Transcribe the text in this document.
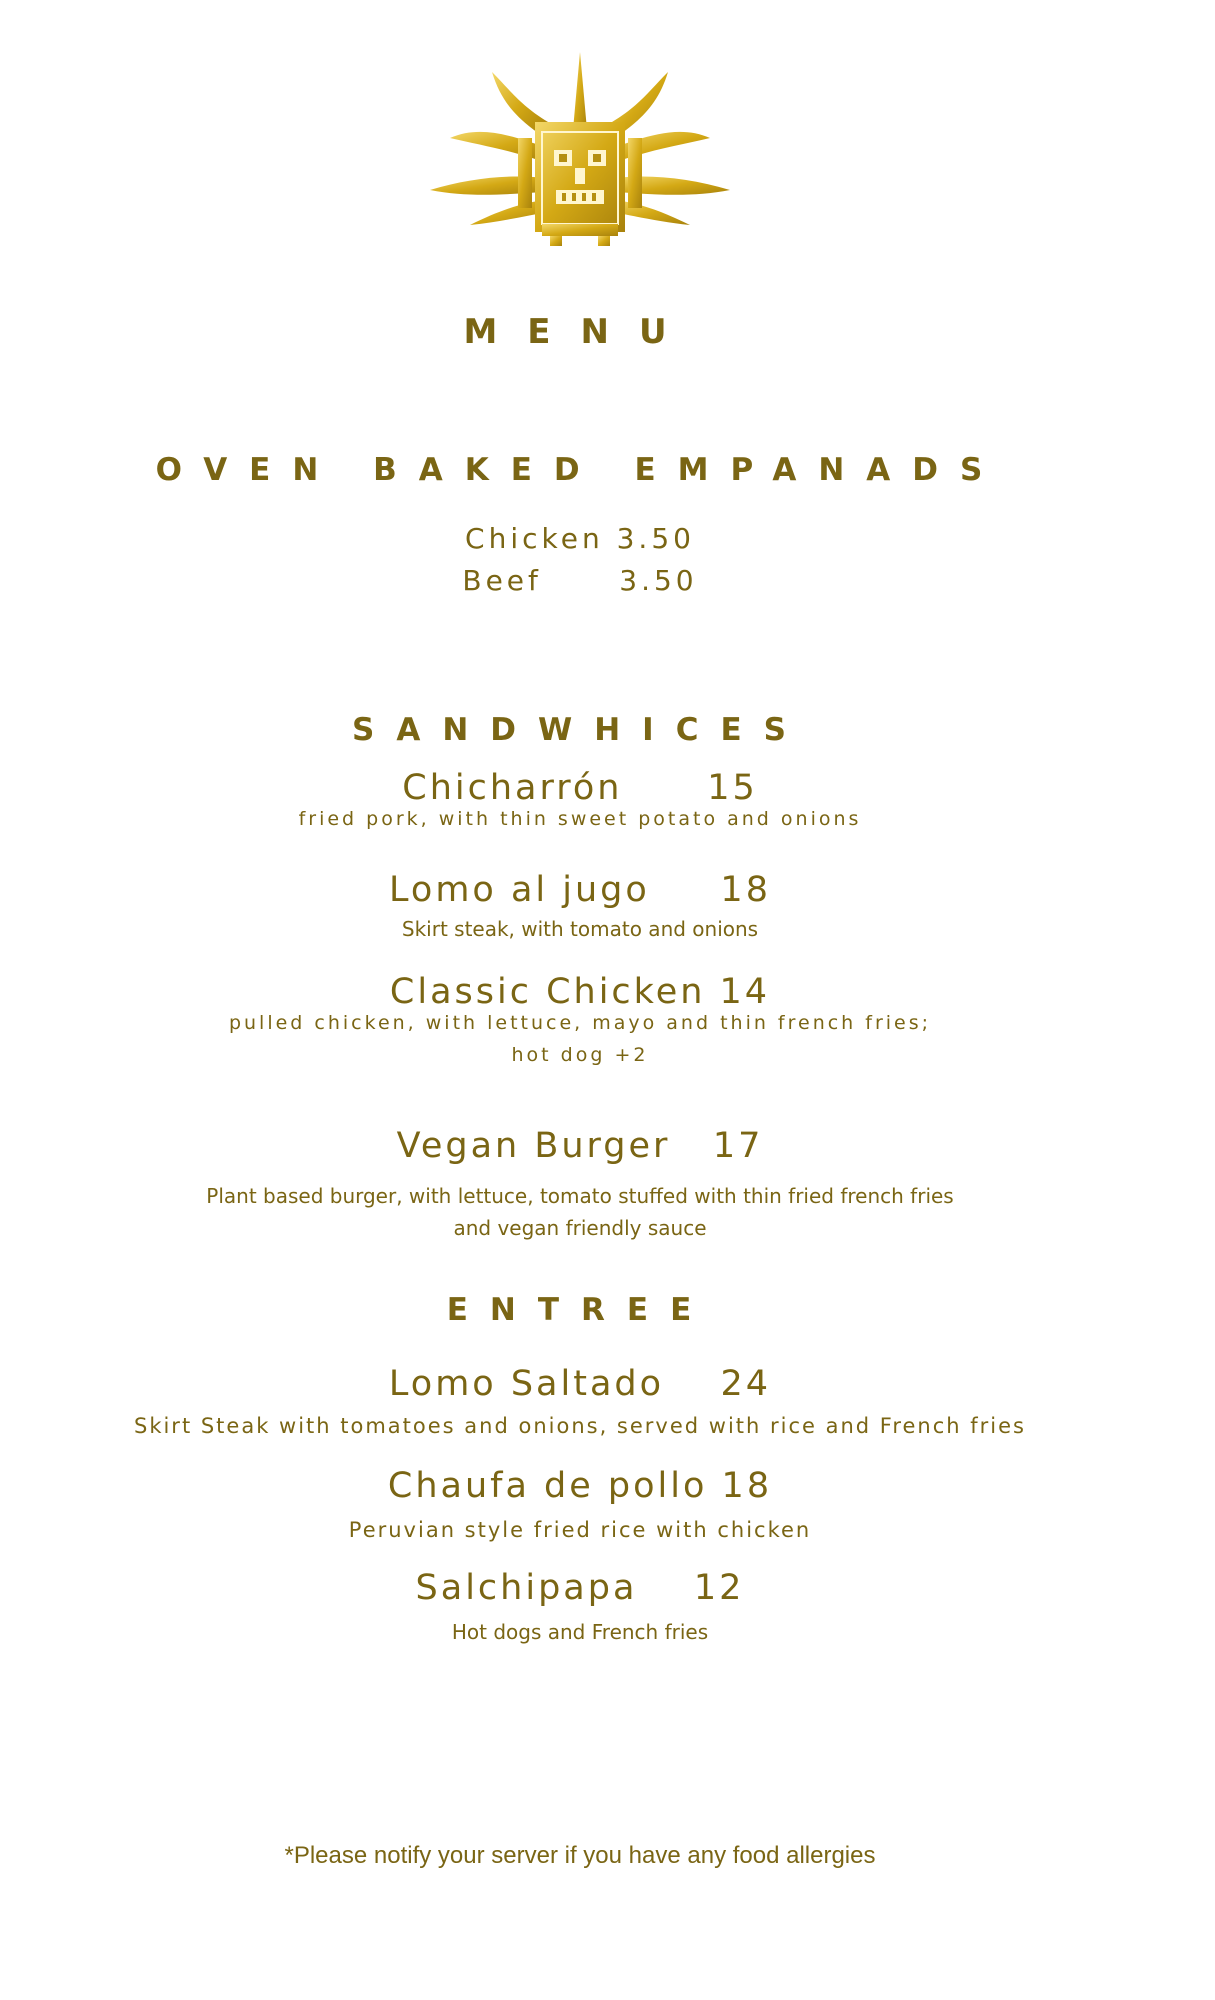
MENU
OVEN BAKED EMPANADS
Chicken 3.50
Beef      3.50
SANDWHICES
Chicharrón      15
fried pork, with thin sweet potato and onions
Lomo al jugo     18
Skirt steak, with tomato and onions
Classic Chicken 14
pulled chicken, with lettuce, mayo and thin french fries;
hot dog +2
Vegan Burger   17
Plant based burger, with lettuce, tomato stuffed with thin fried french fries
and vegan friendly sauce
ENTREE
Lomo Saltado    24
Skirt Steak with tomatoes and onions, served with rice and French fries
Chaufa de pollo 18
Peruvian style fried rice with chicken
Salchipapa    12
Hot dogs and French fries
*Please notify your server if you have any food allergies
